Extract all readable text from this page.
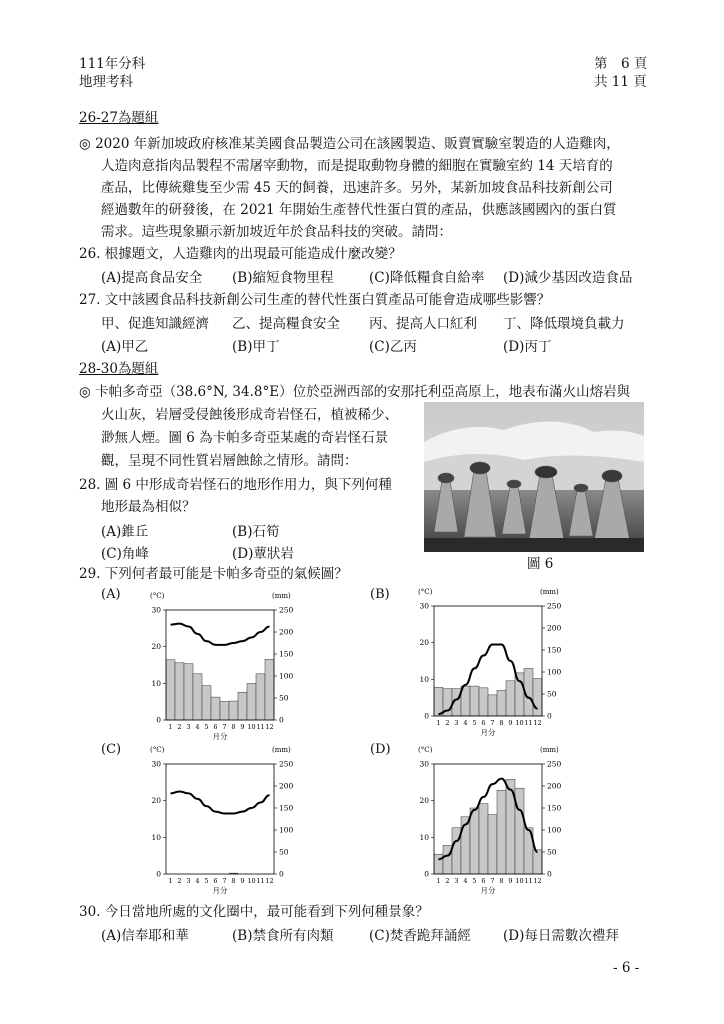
111年分科
地理考科
第　6 頁
共 11 頁
26-27為題組
◎ 2020 年新加坡政府核准某美國食品製造公司在該國製造、販賣實驗室製造的人造雞肉，
人造肉意指肉品製程不需屠宰動物，而是提取動物身體的細胞在實驗室約 14 天培育的
產品，比傳統雞隻至少需 45 天的飼養，迅速許多。另外，某新加坡食品科技新創公司
經過數年的研發後，在 2021 年開始生產替代性蛋白質的產品，供應該國國內的蛋白質
需求。這些現象顯示新加坡近年於食品科技的突破。請問：
26. 根據題文，人造雞肉的出現最可能造成什麼改變？
(A)提高食品安全 (B)縮短食物里程	(C)降低糧食自給率 (D)減少基因改造食品
27. 文中該國食品科技新創公司生產的替代性蛋白質產品可能會造成哪些影響？
甲、促進知識經濟 乙、提高糧食安全 丙、提高人口紅利 丁、降低環境負載力
(A)甲乙	(B)甲丁	(C)乙丙	(D)丙丁
28-30為題組
◎ 卡帕多奇亞（38.6°N, 34.8°E）位於亞洲西部的安那托利亞高原上，地表布滿火山熔岩與
火山灰，岩層受侵蝕後形成奇岩怪石，植被稀少、
渺無人煙。圖 6 為卡帕多奇亞某處的奇岩怪石景
觀，呈現不同性質岩層蝕餘之情形。請問：
圖 6
28. 圖 6 中形成奇岩怪石的地形作用力，與下列何種
地形最為相似？
(A)錐丘	(B)石筍
(C)角峰	(D)蕈狀岩
29. 下列何者最可能是卡帕多奇亞的氣候圖？
(A)	(B)
(C)	(D)
(°C)	(mm)
0
10
20
30
0
50
100
150
200
250
1 2 3 4 5 6 7 8 9 10 11 12
月分
(°C)	(mm)
0
10
20
30
0
50
100
150
200
250
1 2 3 4 5 6 7 8 9 10 11 12
月分
(°C)	(mm)
0
10
20
30
0
50
100
150
200
250
1 2 3 4 5 6 7 8 9 10 11 12
月分
(°C)	(mm)
0
10
20
30
0
50
100
150
200
250
1 2 3 4 5 6 7 8 9 10 11 12
月分
30. 今日當地所處的文化圈中，最可能看到下列何種景象？
(A)信奉耶和華	(B)禁食所有肉類	(C)焚香跪拜誦經 (D)每日需數次禮拜
- 6 -
